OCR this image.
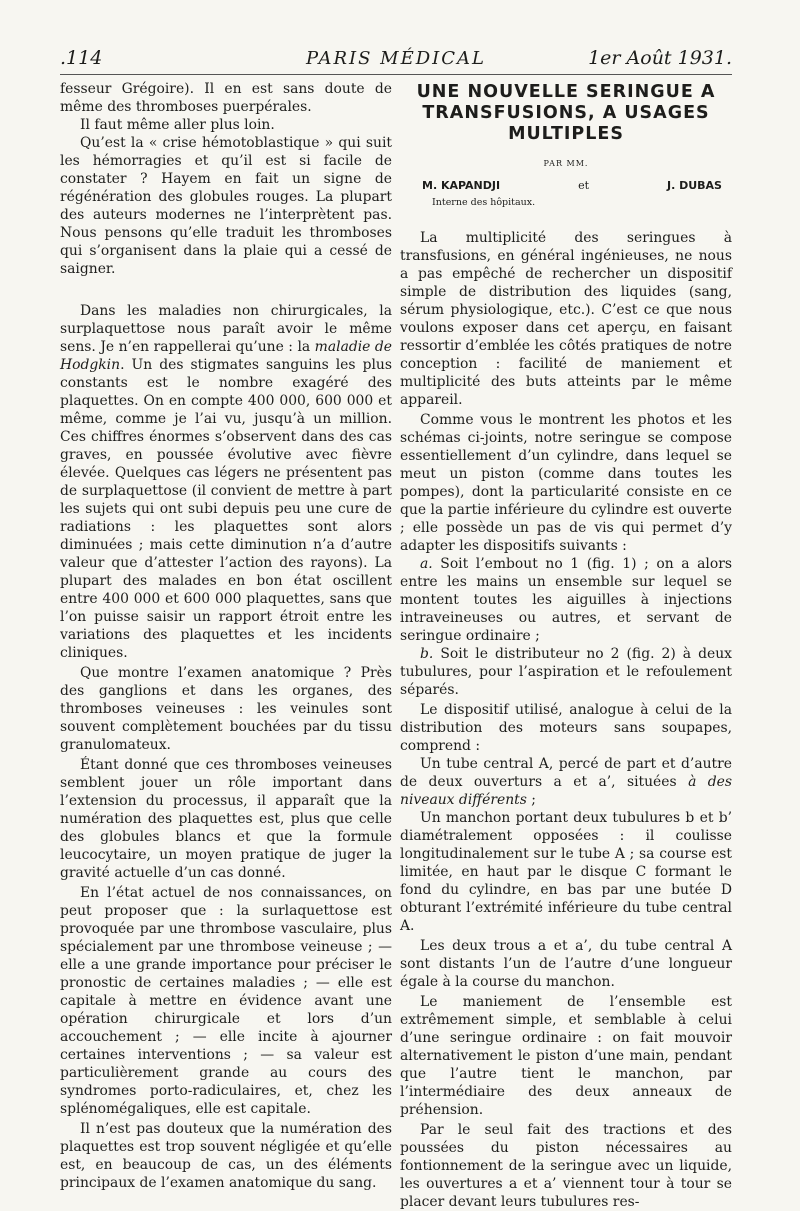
.114	PARIS MÉDICAL	1er Août 1931.

fesseur Grégoire). Il en est sans doute de même des thromboses puerpérales.

Il faut même aller plus loin.

Qu’est la « crise hémotoblastique » qui suit les hémorragies et qu’il est si facile de constater ? Hayem en fait un signe de régénération des globules rouges. La plupart des auteurs modernes ne l’interprètent pas. Nous pensons qu’elle traduit les thromboses qui s’organisent dans la plaie qui a cessé de saigner.

Dans les maladies non chirurgicales, la surplaquettose nous paraît avoir le même sens. Je n’en rappellerai qu’une : la maladie de Hodgkin. Un des stigmates sanguins les plus constants est le nombre exagéré des plaquettes. On en compte 400 000, 600 000 et même, comme je l’ai vu, jusqu’à un million. Ces chiffres énormes s’observent dans des cas graves, en poussée évolutive avec fièvre élevée. Quelques cas légers ne présentent pas de surplaquettose (il convient de mettre à part les sujets qui ont subi depuis peu une cure de radiations : les plaquettes sont alors diminuées ; mais cette diminution n’a d’autre valeur que d’attester l’action des rayons). La plupart des malades en bon état oscillent entre 400 000 et 600 000 plaquettes, sans que l’on puisse saisir un rapport étroit entre les variations des plaquettes et les incidents cliniques.

Que montre l’examen anatomique ? Près des ganglions et dans les organes, des thromboses veineuses : les veinules sont souvent complètement bouchées par du tissu granulomateux.

Étant donné que ces thromboses veineuses semblent jouer un rôle important dans l’extension du processus, il apparaît que la numération des plaquettes est, plus que celle des globules blancs et que la formule leucocytaire, un moyen pratique de juger la gravité actuelle d’un cas donné.

En l’état actuel de nos connaissances, on peut proposer que : la surlaquettose est provoquée par une thrombose vasculaire, plus spécialement par une thrombose veineuse ; — elle a une grande importance pour préciser le pronostic de certaines maladies ; — elle est capitale à mettre en évidence avant une opération chirurgicale et lors d’un accouchement ; — elle incite à ajourner certaines interventions ; — sa valeur est particulièrement grande au cours des syndromes porto-radiculaires, et, chez les splénomégaliques, elle est capitale.

Il n’est pas douteux que la numération des plaquettes est trop souvent négligée et qu’elle est, en beaucoup de cas, un des éléments principaux de l’examen anatomique du sang.

UNE NOUVELLE SERINGUE A TRANSFUSIONS, A USAGES MULTIPLES
PAR MM.
M. KAPANDJI	et	J. DUBAS
Interne des hôpitaux.

La multiplicité des seringues à transfusions, en général ingénieuses, ne nous a pas empêché de rechercher un dispositif simple de distribution des liquides (sang, sérum physiologique, etc.). C’est ce que nous voulons exposer dans cet aperçu, en faisant ressortir d’emblée les côtés pratiques de notre conception : facilité de maniement et multiplicité des buts atteints par le même appareil.

Comme vous le montrent les photos et les schémas ci-joints, notre seringue se compose essentiellement d’un cylindre, dans lequel se meut un piston (comme dans toutes les pompes), dont la particularité consiste en ce que la partie inférieure du cylindre est ouverte ; elle possède un pas de vis qui permet d’y adapter les dispositifs suivants :

a. Soit l’embout no 1 (fig. 1) ; on a alors entre les mains un ensemble sur lequel se montent toutes les aiguilles à injections intraveineuses ou autres, et servant de seringue ordinaire ;

b. Soit le distributeur no 2 (fig. 2) à deux tubulures, pour l’aspiration et le refoulement séparés.

Le dispositif utilisé, analogue à celui de la distribution des moteurs sans soupapes, comprend :

Un tube central A, percé de part et d’autre de deux ouverturs a et a’, situées à des niveaux différents ;

Un manchon portant deux tubulures b et b’ diamétralement opposées : il coulisse longitudinalement sur le tube A ; sa course est limitée, en haut par le disque C formant le fond du cylindre, en bas par une butée D obturant l’extrémité inférieure du tube central A.

Les deux trous a et a’, du tube central A sont distants l’un de l’autre d’une longueur égale à la course du manchon.

Le maniement de l’ensemble est extrêmement simple, et semblable à celui d’une seringue ordinaire : on fait mouvoir alternativement le piston d’une main, pendant que l’autre tient le manchon, par l’intermédiaire des deux anneaux de préhension.

Par le seul fait des tractions et des poussées du piston nécessaires au fontionnement de la seringue avec un liquide, les ouvertures a et a’ viennent tour à tour se placer devant leurs tubulures res-
